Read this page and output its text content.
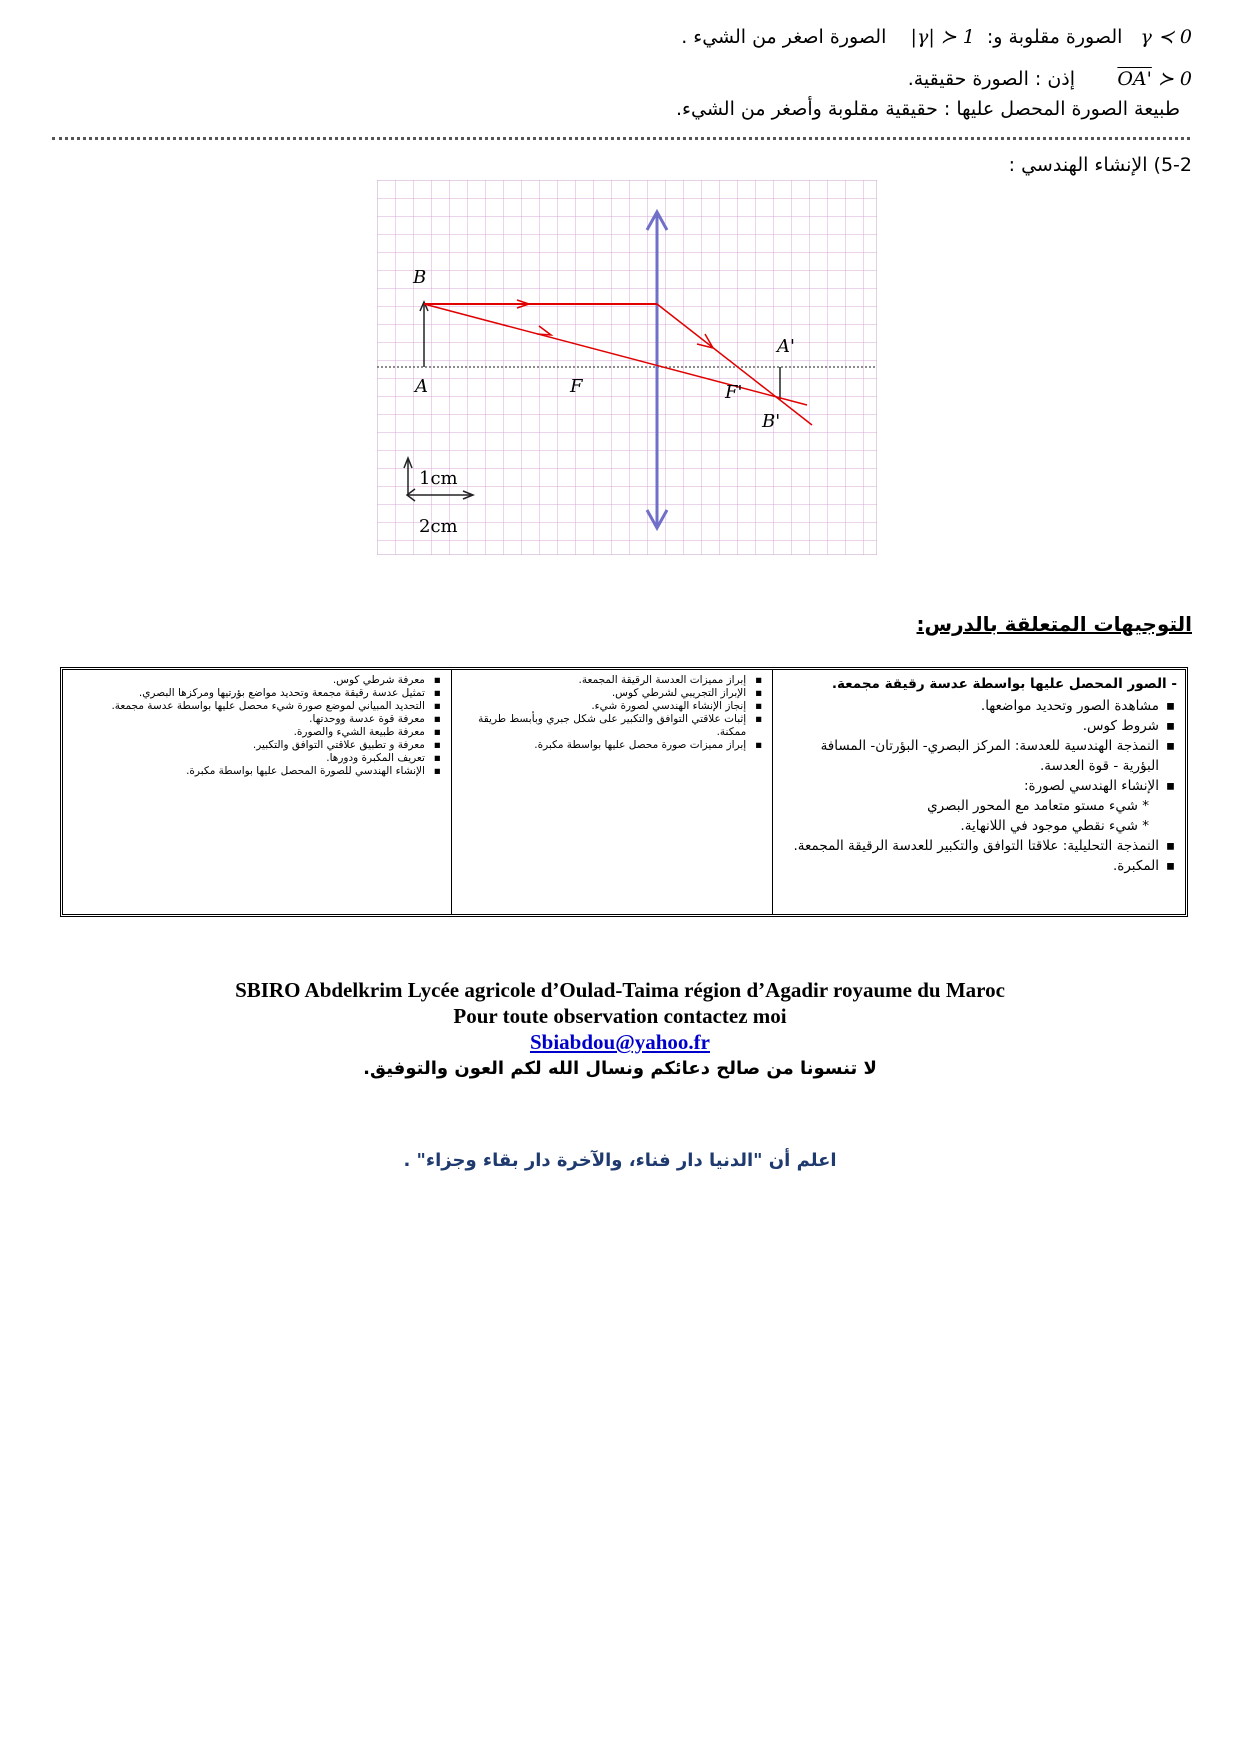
γ ≺ 0   الصورة مقلوبة و:  1 ≺ |γ|    الصورة اصغر من الشيء .
OA' ≻ 0       إذن : الصورة حقيقية.
طبيعة الصورة المحصل عليها : حقيقية مقلوبة وأصغر من الشيء.
5-2) الإنشاء الهندسي :
B
A	F	F'
A'
B'
1cm
2cm
التوجيهات المتعلقة بالدرس:
▪ معرفة شرطي كوس.
▪ تمثيل عدسة رقيقة مجمعة وتحديد مواضع بؤرتيها ومركزها البصري.
▪ التحديد المبياني لموضع صورة شيء محصل عليها بواسطة عدسة مجمعة.
▪ معرفة قوة عدسة ووحدتها.
▪ معرفة طبيعة الشيء والصورة.
▪ معرفة و تطبيق علاقتي التوافق والتكبير.
▪ تعريف المكبرة ودورها.
▪ الإنشاء الهندسي للصورة المحصل عليها بواسطة مكبرة.
▪ إبراز مميزات العدسة الرقيقة المجمعة.
▪ الإبراز التجريبي لشرطي كوس.
▪ إنجاز الإنشاء الهندسي لصورة شيء.
▪ إثبات علاقتي التوافق والتكبير على شكل جبري وبأبسط طريقة ممكنة.
▪ إبراز مميزات صورة محصل عليها بواسطة مكبرة.
- الصور المحصل عليها بواسطة عدسة رقيقة مجمعة.
▪ مشاهدة الصور وتحديد مواضعها.
▪ شروط كوس.
▪ النمذجة الهندسية للعدسة: المركز البصري- البؤرتان- المسافة البؤرية - قوة العدسة.
▪ الإنشاء الهندسي لصورة:
* شيء مستو متعامد مع المحور البصري
* شيء نقطي موجود في اللانهاية.
▪ النمذجة التحليلية: علاقتا التوافق والتكبير للعدسة الرقيقة المجمعة.
▪ المكبرة.
SBIRO Abdelkrim Lycée agricole d’Oulad-Taima région d’Agadir royaume du Maroc
Pour toute observation contactez moi
Sbiabdou@yahoo.fr
لا تنسونا من صالح دعائكم ونسال الله لكم العون والتوفيق.
اعلم أن "الدنيا دار فناء، والآخرة دار بقاء وجزاء" .
